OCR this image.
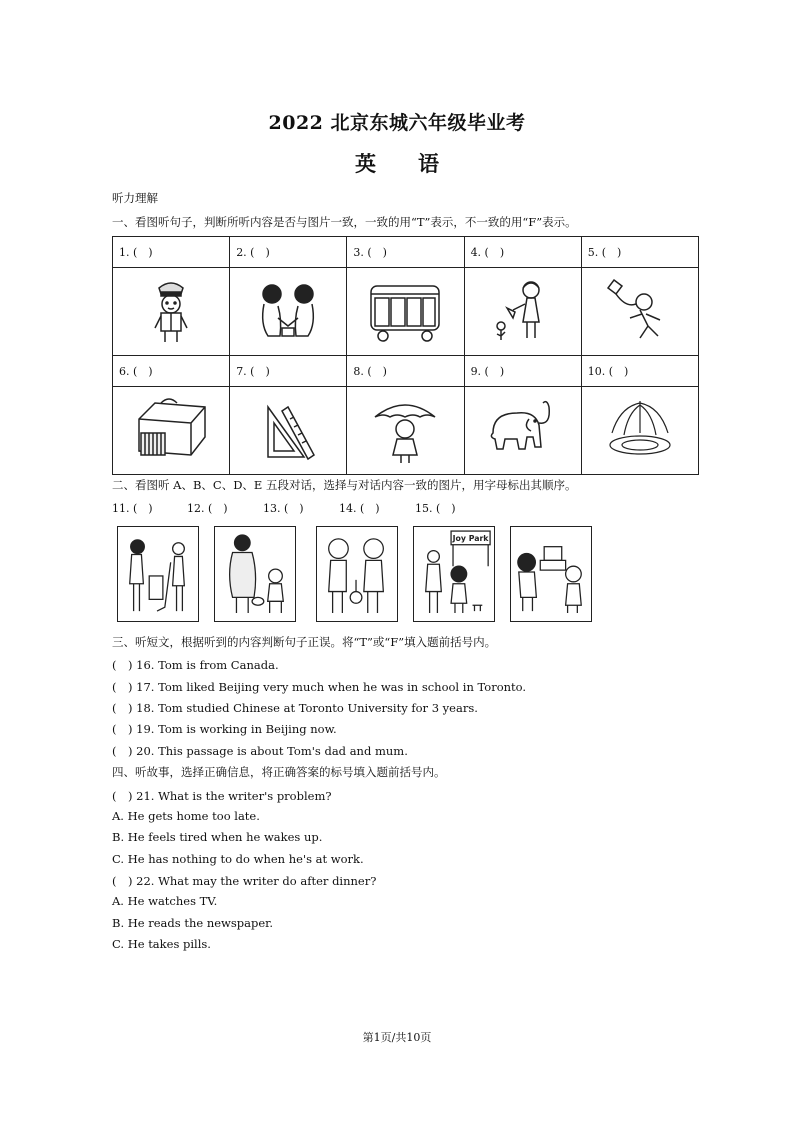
2022 北京东城六年级毕业考
英　　语
听力理解
一、看图听句子，判断所听内容是否与图片一致，一致的用“T”表示，不一致的用“F”表示。
1. (　)	2. (　)	3. (　)	4. (　)	5. (　)

6. (　)	7. (　)	8. (　)	9. (　)	10. (　)

二、看图听 A、B、C、D、E 五段对话，选择与对话内容一致的图片，用字母标出其顺序。
11. (　)	12. (　)	13. (　)	14. (　)	15. (　)
Joy Park
三、听短文，根据听到的内容判断句子正误。将“T”或“F”填入题前括号内。
(　) 16. Tom is from Canada.
(　) 17. Tom liked Beijing very much when he was in school in Toronto.
(　) 18. Tom studied Chinese at Toronto University for 3 years.
(　) 19. Tom is working in Beijing now.
(　) 20. This passage is about Tom's dad and mum.
四、听故事，选择正确信息，将正确答案的标号填入题前括号内。
(　) 21. What is the writer's problem?
A. He gets home too late.
B. He feels tired when he wakes up.
C. He has nothing to do when he's at work.
(　) 22. What may the writer do after dinner?
A. He watches TV.
B. He reads the newspaper.
C. He takes pills.
第1页/共10页
